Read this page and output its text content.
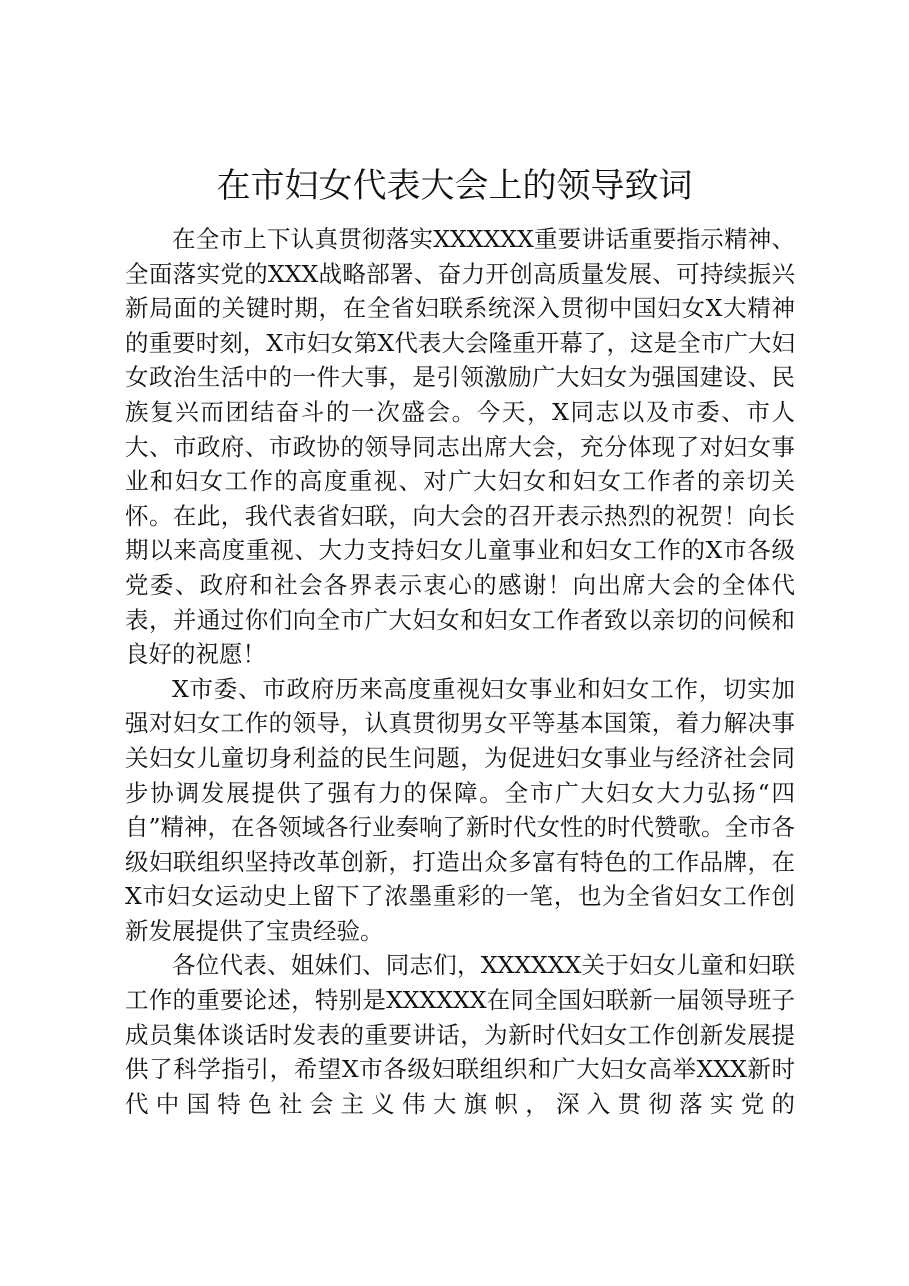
在市妇女代表大会上的领导致词

在全市上下认真贯彻落实XXXXXX重要讲话重要指示精神、全面落实党的XXX战略部署、奋力开创高质量发展、可持续振兴新局面的关键时期，在全省妇联系统深入贯彻中国妇女X大精神的重要时刻，X市妇女第X代表大会隆重开幕了，这是全市广大妇女政治生活中的一件大事，是引领激励广大妇女为强国建设、民族复兴而团结奋斗的一次盛会。今天，X同志以及市委、市人大、市政府、市政协的领导同志出席大会，充分体现了对妇女事业和妇女工作的高度重视、对广大妇女和妇女工作者的亲切关怀。在此，我代表省妇联，向大会的召开表示热烈的祝贺！向长期以来高度重视、大力支持妇女儿童事业和妇女工作的X市各级党委、政府和社会各界表示衷心的感谢！向出席大会的全体代表，并通过你们向全市广大妇女和妇女工作者致以亲切的问候和良好的祝愿！

X市委、市政府历来高度重视妇女事业和妇女工作，切实加强对妇女工作的领导，认真贯彻男女平等基本国策，着力解决事关妇女儿童切身利益的民生问题，为促进妇女事业与经济社会同步协调发展提供了强有力的保障。全市广大妇女大力弘扬“四自”精神，在各领域各行业奏响了新时代女性的时代赞歌。全市各级妇联组织坚持改革创新，打造出众多富有特色的工作品牌，在X市妇女运动史上留下了浓墨重彩的一笔，也为全省妇女工作创新发展提供了宝贵经验。

各位代表、姐妹们、同志们，XXXXXX关于妇女儿童和妇联工作的重要论述，特别是XXXXXX在同全国妇联新一届领导班子成员集体谈话时发表的重要讲话，为新时代妇女工作创新发展提供了科学指引，希望X市各级妇联组织和广大妇女高举XXX新时代中国特色社会主义伟大旗帜，深入贯彻落实党的
